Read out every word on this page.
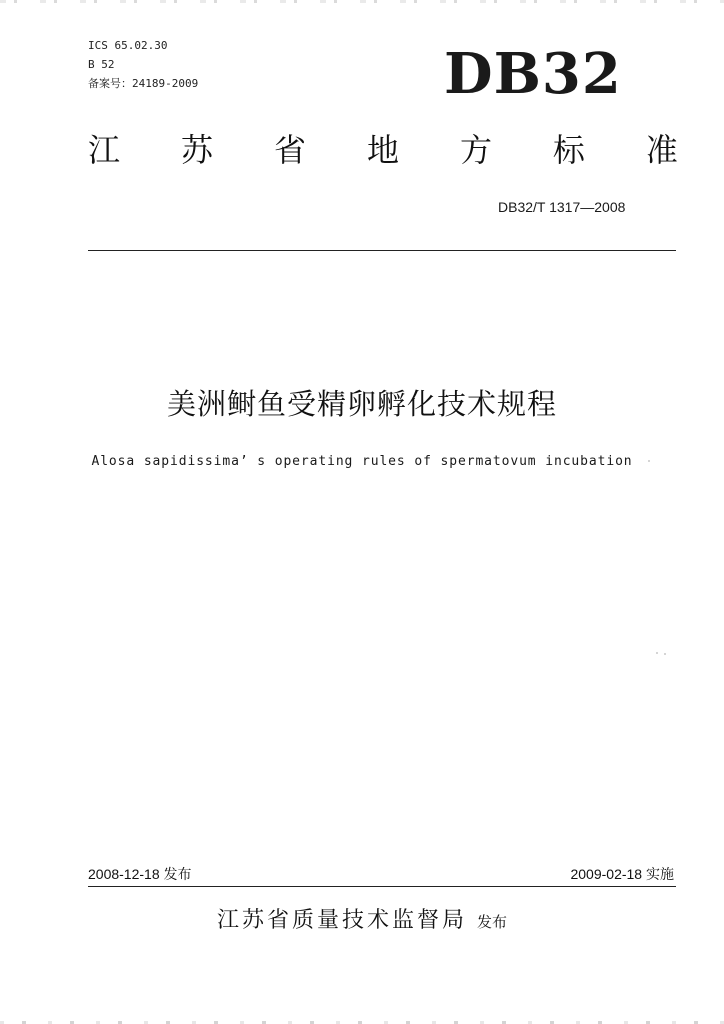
ICS 65.02.30
B 52
备案号：24189-2009	DB32
江 苏 省 地 方 标 准
DB32/T 1317—2008
美洲鲥鱼受精卵孵化技术规程
Alosa sapidissima’ s operating rules of spermatovum incubation
2008-12-18 发布	2009-02-18 实施
江苏省质量技术监督局 发布
